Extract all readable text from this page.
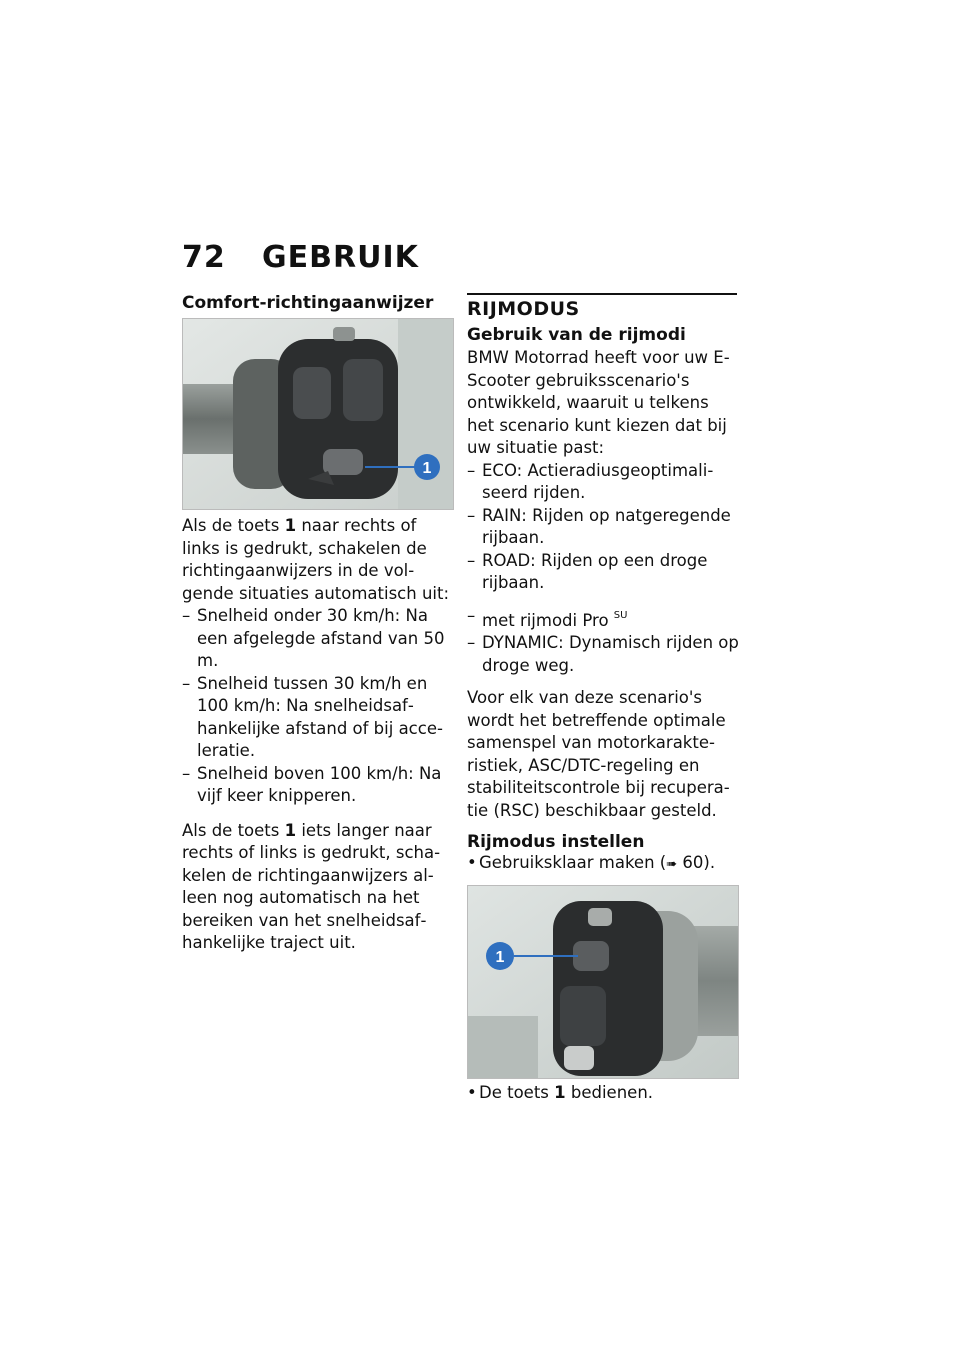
72 GEBRUIK
Comfort-richtingaanwijzer
1

Als de toets 1 naar rechts of links is gedrukt, schakelen de richtingaanwijzers in de volgende situaties automatisch uit:

– Snelheid onder 30 km/h: Na een afgelegde afstand van 50 m.

– Snelheid tussen 30 km/h en 100 km/h: Na snelheidsafhankelijke afstand of bij acceleratie.

– Snelheid boven 100 km/h: Na vijf keer knipperen.

Als de toets 1 iets langer naar rechts of links is gedrukt, schakelen de richtingaanwijzers alleen nog automatisch na het bereiken van het snelheidsafhankelijke traject uit.

RIJMODUS

Gebruik van de rijmodi

BMW Motorrad heeft voor uw E-Scooter gebruiksscenario's ontwikkeld, waaruit u telkens het scenario kunt kiezen dat bij uw situatie past:

– ECO: Actieradiusgeoptimaliseerd rijden.

– RAIN: Rijden op natgeregende rijbaan.

– ROAD: Rijden op een droge rijbaan.

– met rijmodi Pro $^{SU}$

– DYNAMIC: Dynamisch rijden op droge weg.

Voor elk van deze scenario's wordt het betreffende optimale samenspel van motorkarakteristiek, ASC/DTC-regeling en stabiliteitscontrole bij recuperatie (RSC) beschikbaar gesteld.

Rijmodus instellen

• Gebruiksklaar maken (➠ 60).

1

• De toets 1 bedienen.
